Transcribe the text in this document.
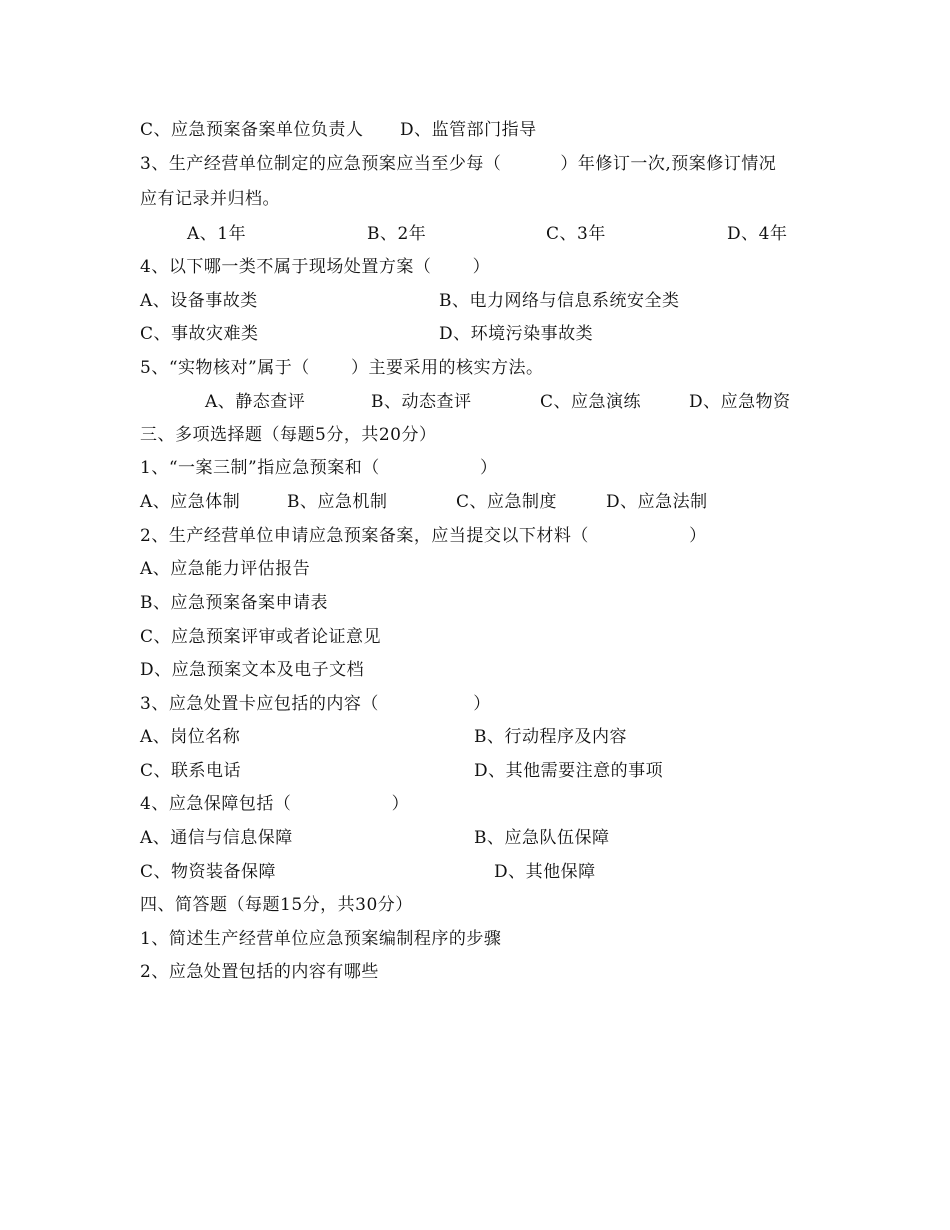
C、应急预案备案单位负责人 D、监管部门指导
3、生产经营单位制定的应急预案应当至少每（          ）年修订一次,预案修订情况
应有记录并归档。
A、1年	B、2年	C、3年	D、4年
4、以下哪一类不属于现场处置方案（       ）
A、设备事故类	B、电力网络与信息系统安全类
C、事故灾难类	D、环境污染事故类
5、“实物核对”属于（       ）主要采用的核实方法。
A、静态查评	B、动态查评	C、应急演练	D、应急物资
三、多项选择题（每题5分，共20分）
1、“一案三制”指应急预案和（                 ）
A、应急体制	B、应急机制	C、应急制度	D、应急法制
2、生产经营单位申请应急预案备案，应当提交以下材料（                 ）
A、应急能力评估报告
B、应急预案备案申请表
C、应急预案评审或者论证意见
D、应急预案文本及电子文档
3、应急处置卡应包括的内容（                ）
A、岗位名称	B、行动程序及内容
C、联系电话	D、其他需要注意的事项
4、应急保障包括（                 ）
A、通信与信息保障	B、应急队伍保障
C、物资装备保障	D、其他保障
四、简答题（每题15分，共30分）
1、简述生产经营单位应急预案编制程序的步骤
2、应急处置包括的内容有哪些
